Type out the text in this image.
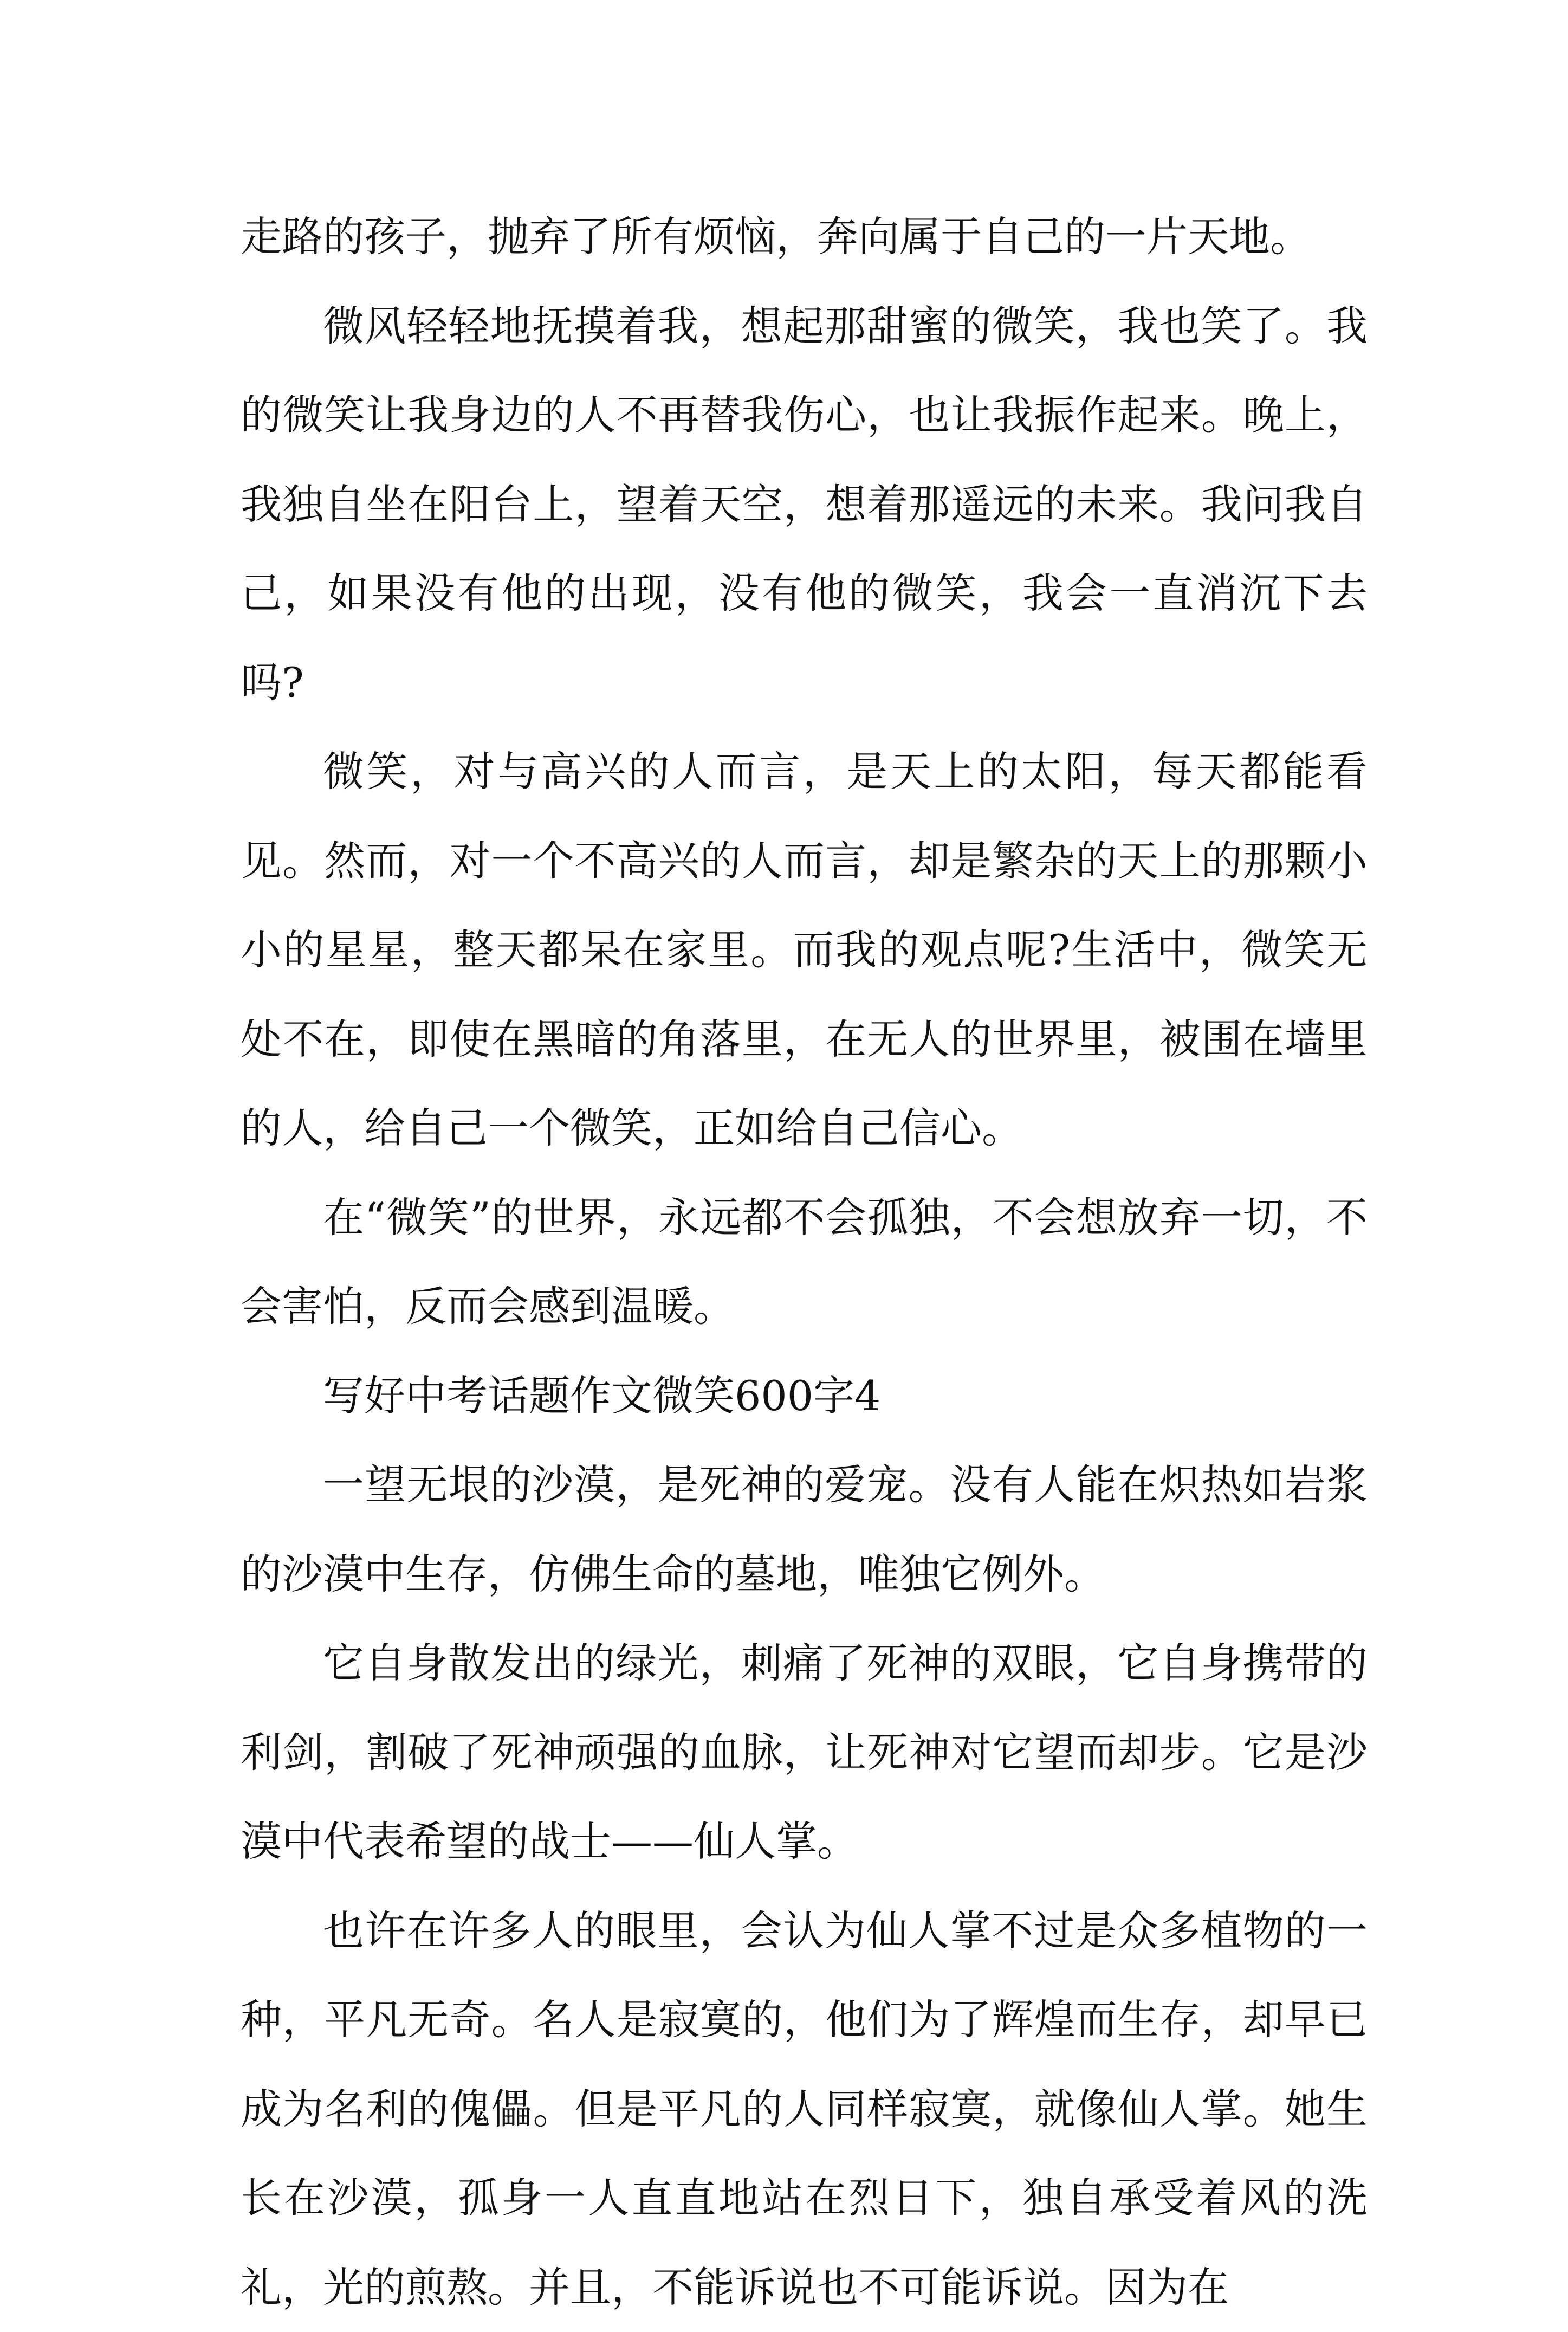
走路的孩子，抛弃了所有烦恼，奔向属于自己的一片天地。

微风轻轻地抚摸着我，想起那甜蜜的微笑，我也笑了。我的微笑让我身边的人不再替我伤心，也让我振作起来。晚上，我独自坐在阳台上，望着天空，想着那遥远的未来。我问我自己，如果没有他的出现，没有他的微笑，我会一直消沉下去吗?

微笑，对与高兴的人而言，是天上的太阳，每天都能看见。然而，对一个不高兴的人而言，却是繁杂的天上的那颗小小的星星，整天都呆在家里。而我的观点呢?生活中，微笑无处不在，即使在黑暗的角落里，在无人的世界里，被围在墙里的人，给自己一个微笑，正如给自己信心。

在“微笑”的世界，永远都不会孤独，不会想放弃一切，不会害怕，反而会感到温暖。

写好中考话题作文微笑600字4

一望无垠的沙漠，是死神的爱宠。没有人能在炽热如岩浆的沙漠中生存，仿佛生命的墓地，唯独它例外。

它自身散发出的绿光，刺痛了死神的双眼，它自身携带的利剑，割破了死神顽强的血脉，让死神对它望而却步。它是沙漠中代表希望的战士——仙人掌。

也许在许多人的眼里，会认为仙人掌不过是众多植物的一种，平凡无奇。名人是寂寞的，他们为了辉煌而生存，却早已成为名利的傀儡。但是平凡的人同样寂寞，就像仙人掌。她生长在沙漠，孤身一人直直地站在烈日下，独自承受着风的洗礼，光的煎熬。并且，不能诉说也不可能诉说。因为在
